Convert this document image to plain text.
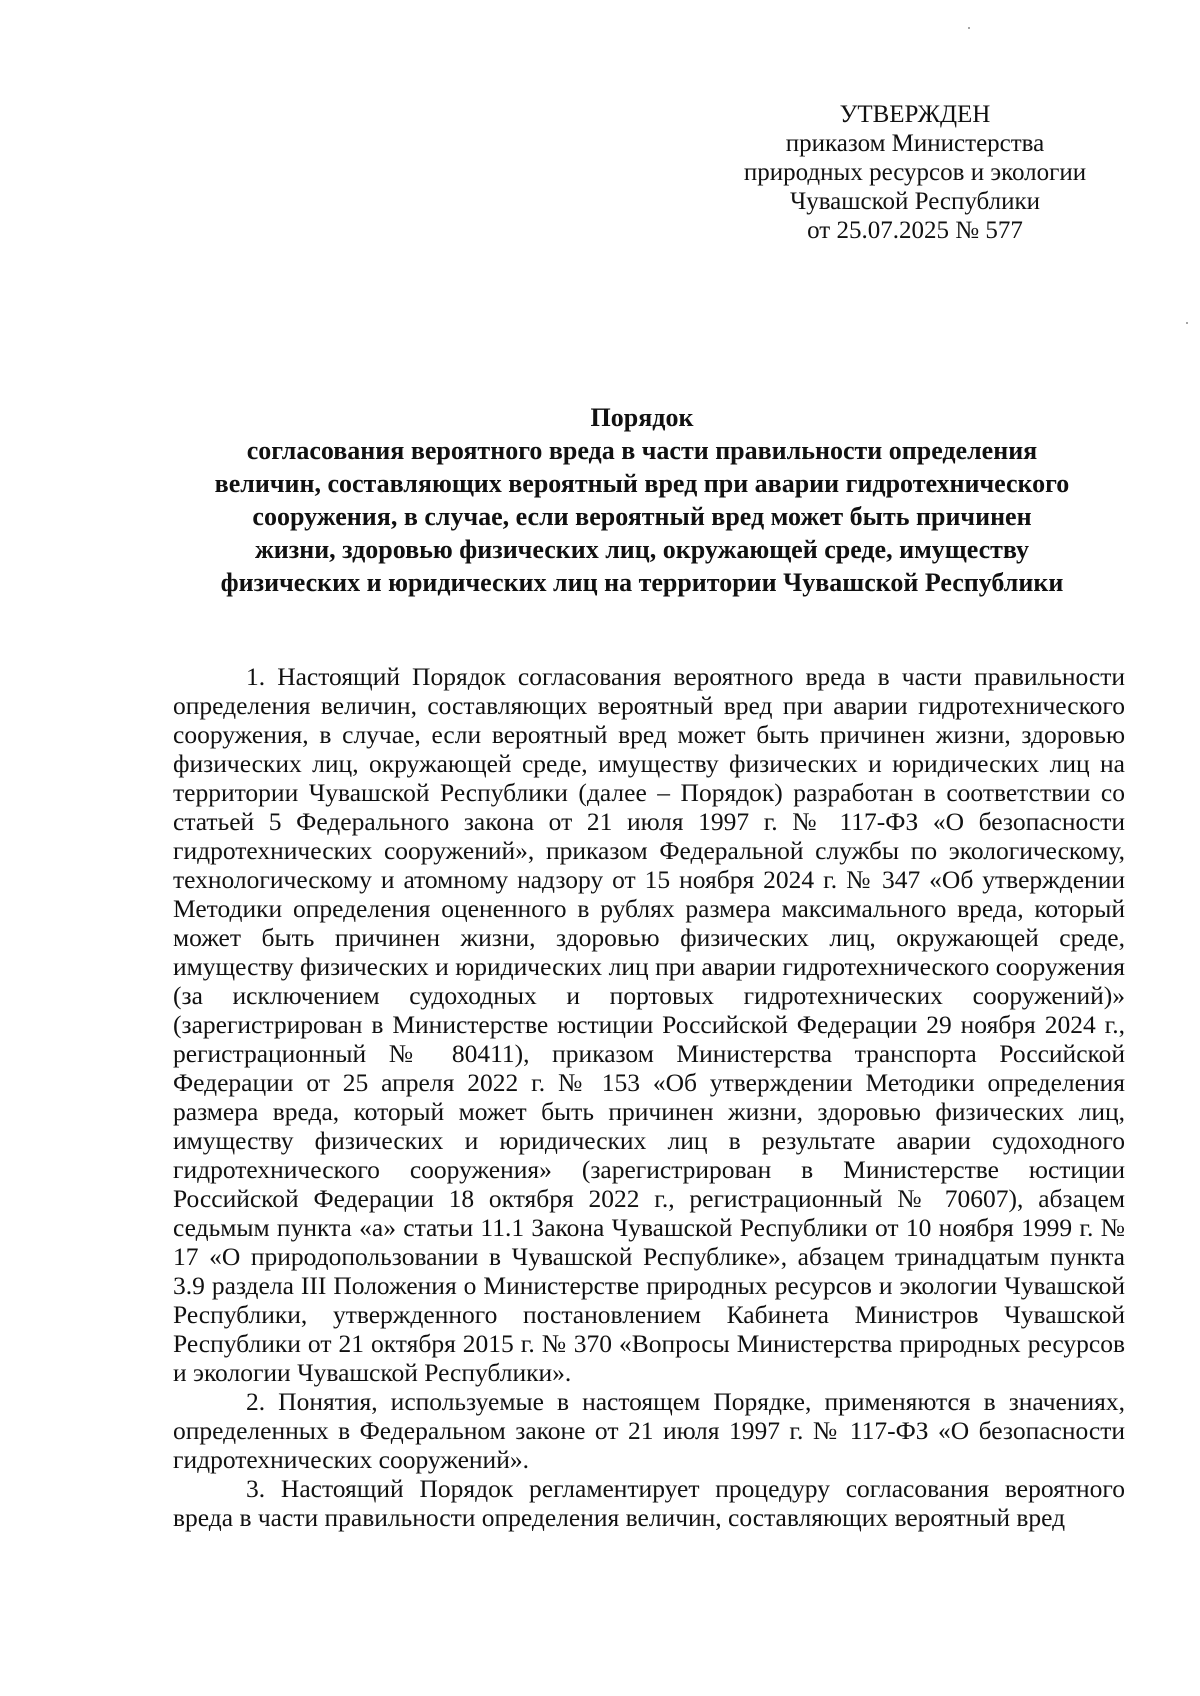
УТВЕРЖДЕН
приказом Министерства
природных ресурсов и экологии
Чувашской Республики
от 25.07.2025 № 577
Порядок
согласования вероятного вреда в части правильности определения
величин, составляющих вероятный вред при аварии гидротехнического
сооружения, в случае, если вероятный вред может быть причинен
жизни, здоровью физических лиц, окружающей среде, имуществу
физических и юридических лиц на территории Чувашской Республики

1. Настоящий Порядок согласования вероятного вреда в части правильности определения величин, составляющих вероятный вред при аварии гидротехнического сооружения, в случае, если вероятный вред может быть причинен жизни, здоровью физических лиц, окружающей среде, имуществу физических и юридических лиц на территории Чувашской Республики (далее – Порядок) разработан в соответствии со статьей 5 Федерального закона от 21 июля 1997 г. № 117-ФЗ «О безопасности гидротехнических сооружений», приказом Федеральной службы по экологическому, технологическому и атомному надзору от 15 ноября 2024 г. № 347 «Об утверждении Методики определения оцененного в рублях размера максимального вреда, который может быть причинен жизни, здоровью физических лиц, окружающей среде, имуществу физических и юридических лиц при аварии гидротехнического сооружения (за исключением судоходных и портовых гидротехнических сооружений)» (зарегистрирован в Министерстве юстиции Российской Федерации 29 ноября 2024 г., регистрационный № 80411), приказом Министерства транспорта Российской Федерации от 25 апреля 2022 г. № 153 «Об утверждении Методики определения размера вреда, который может быть причинен жизни, здоровью физических лиц, имуществу физических и юридических лиц в результате аварии судоходного гидротехнического сооружения» (зарегистрирован в Министерстве юстиции Российской Федерации 18 октября 2022 г., регистрационный № 70607), абзацем седьмым пункта «а» статьи 11.1 Закона Чувашской Республики от 10 ноября 1999 г. № 17 «О природопользовании в Чувашской Республике», абзацем тринадцатым пункта 3.9 раздела III Положения о Министерстве природных ресурсов и экологии Чувашской Республики, утвержденного постановлением Кабинета Министров Чувашской Республики от 21 октября 2015 г. № 370 «Вопросы Министерства природных ресурсов и экологии Чувашской Республики».

2. Понятия, используемые в настоящем Порядке, применяются в значениях, определенных в Федеральном законе от 21 июля 1997 г. № 117-ФЗ «О безопасности гидротехнических сооружений».

3. Настоящий Порядок регламентирует процедуру согласования вероятного вреда в части правильности определения величин, составляющих вероятный вред
